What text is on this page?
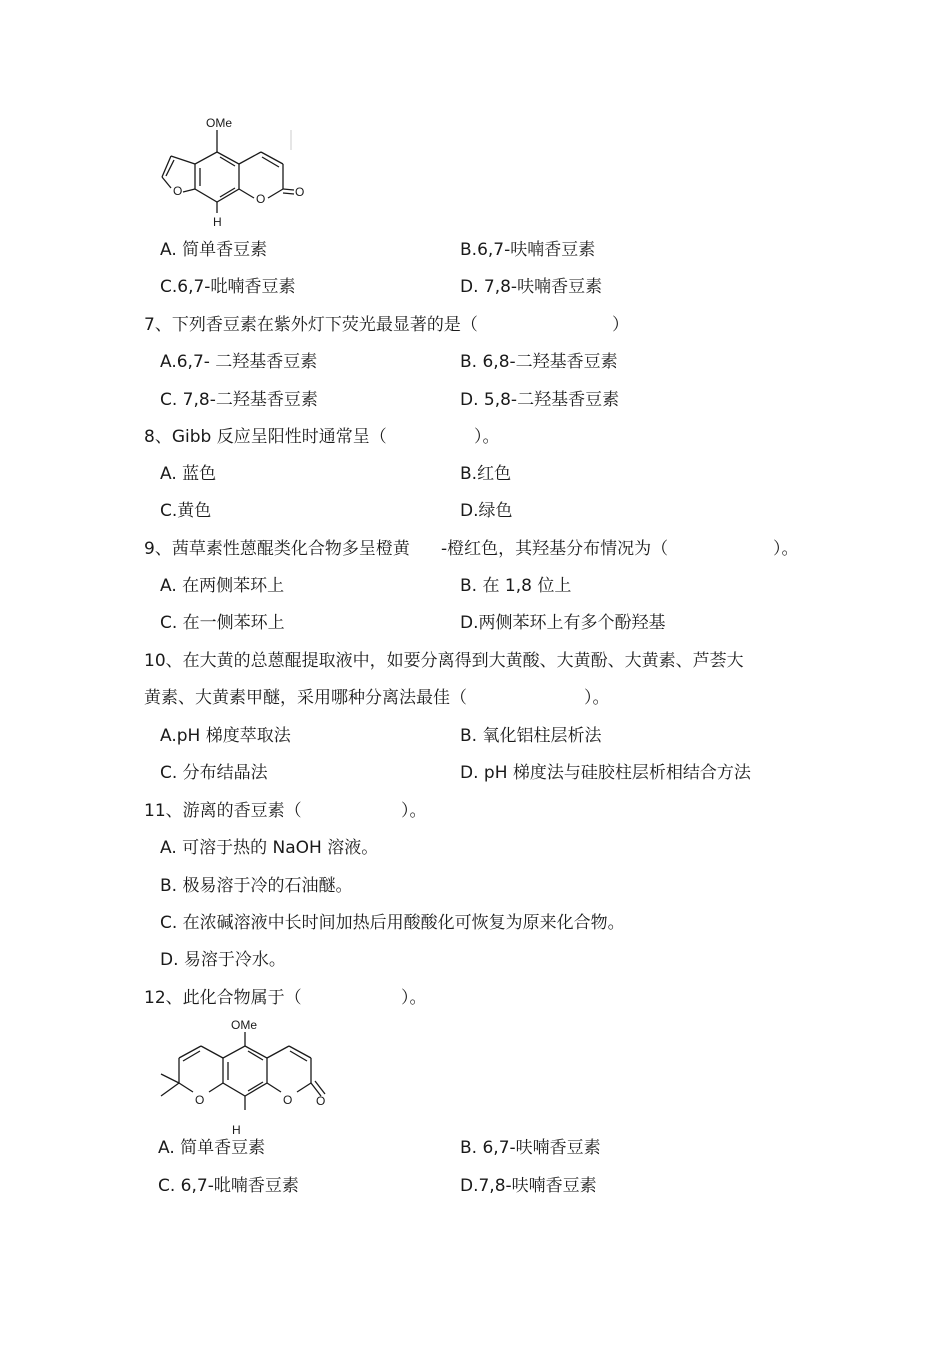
OMe
O
O O
H
A. 简单香豆素	B.6,7-呋喃香豆素
C.6,7-吡喃香豆素	D. 7,8-呋喃香豆素
7、下列香豆素在紫外灯下荧光最显著的是（	）
A.6,7- 二羟基香豆素	B. 6,8-二羟基香豆素
C. 7,8-二羟基香豆素	D. 5,8-二羟基香豆素
8、Gibb 反应呈阳性时通常呈（	）。
A. 蓝色	B.红色
C.黄色	D.绿色
9、茜草素性蒽醌类化合物多呈橙黄 -橙红色，其羟基分布情况为（	）。
A. 在两侧苯环上	B. 在 1,8 位上
C. 在一侧苯环上	D.两侧苯环上有多个酚羟基
10、在大黄的总蒽醌提取液中，如要分离得到大黄酸、大黄酚、大黄素、芦荟大
黄素、大黄素甲醚，采用哪种分离法最佳（	）。
A.pH 梯度萃取法	B. 氧化铝柱层析法
C. 分布结晶法	D. pH 梯度法与硅胶柱层析相结合方法
11、游离的香豆素（	）。
A. 可溶于热的 NaOH 溶液。
B. 极易溶于冷的石油醚。
C. 在浓碱溶液中长时间加热后用酸酸化可恢复为原来化合物。
D. 易溶于冷水。
12、此化合物属于（	）。
OMe
O	O O
H
A. 简单香豆素	B. 6,7-呋喃香豆素
C. 6,7-吡喃香豆素	D.7,8-呋喃香豆素
